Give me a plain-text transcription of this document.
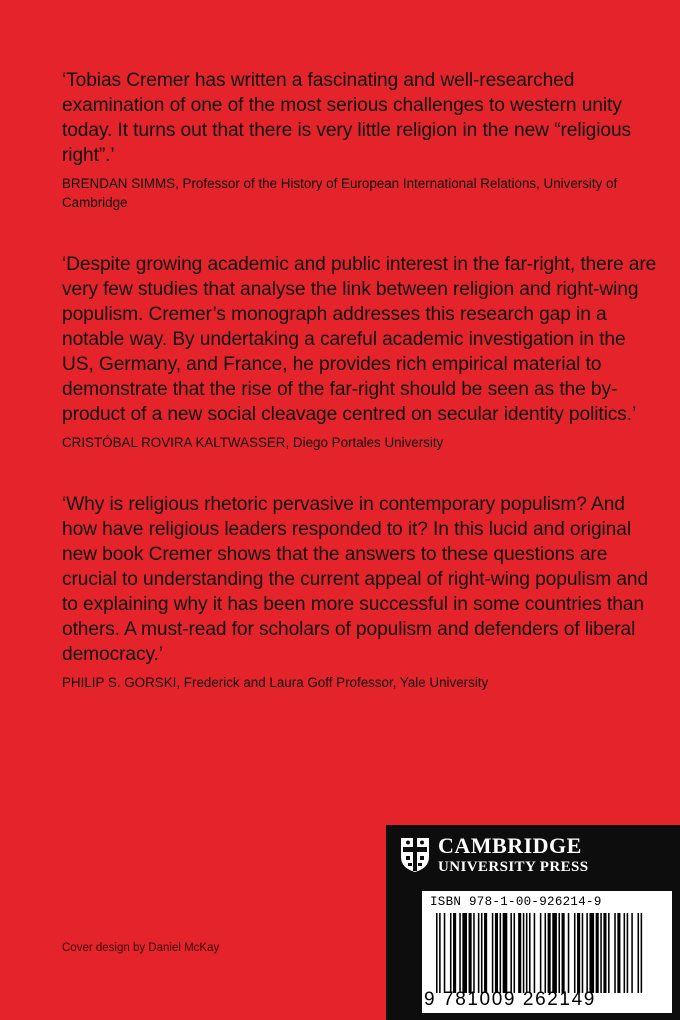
‘Tobias Cremer has written a fascinating and well-researched examination of one of the most serious challenges to western unity today. It turns out that there is very little religion in the new “religious right”.’

BRENDAN SIMMS, Professor of the History of European International Relations, University of Cambridge

‘Despite growing academic and public interest in the far-right, there are very few studies that analyse the link between religion and right-wing populism. Cremer’s monograph addresses this research gap in a notable way. By undertaking a careful academic investigation in the US, Germany, and France, he provides rich empirical material to demonstrate that the rise of the far-right should be seen as the by-product of a new social cleavage centred on secular identity politics.’

CRISTÓBAL ROVIRA KALTWASSER, Diego Portales University

‘Why is religious rhetoric pervasive in contemporary populism? And how have religious leaders responded to it? In this lucid and original new book Cremer shows that the answers to these questions are crucial to understanding the current appeal of right-wing populism and to explaining why it has been more successful in some countries than others. A must-read for scholars of populism and defenders of liberal democracy.’

PHILIP S. GORSKI, Frederick and Laura Goff Professor, Yale University

Cover design by Daniel McKay
CAMBRIDGE
UNIVERSITY PRESS
ISBN 978-1-00-926214-9
9 781009 262149
